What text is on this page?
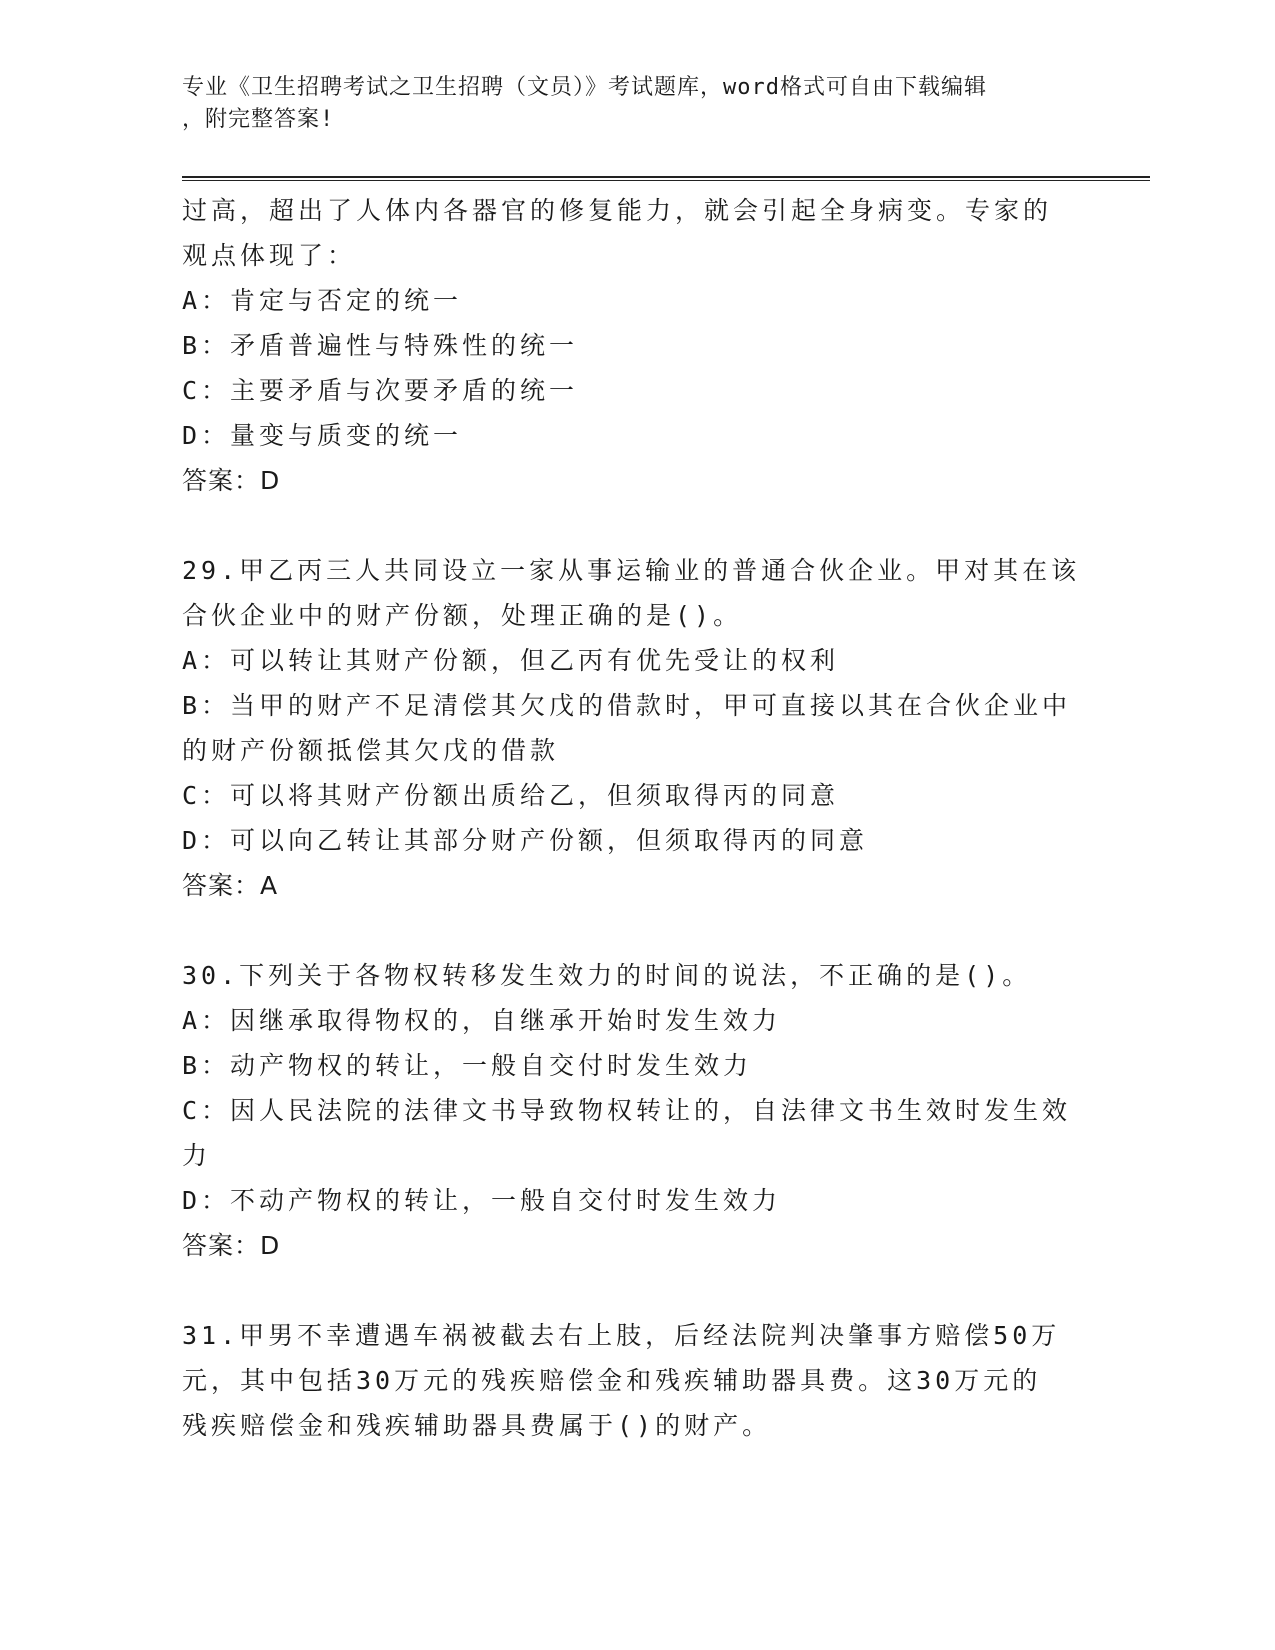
专业《卫生招聘考试之卫生招聘（文员）》考试题库，word格式可自由下载编辑

，附完整答案!

过高，超出了人体内各器官的修复能力，就会引起全身病变。专家的

观点体现了：

A：肯定与否定的统一

B：矛盾普遍性与特殊性的统一

C：主要矛盾与次要矛盾的统一

D：量变与质变的统一

答案：D

29.甲乙丙三人共同设立一家从事运输业的普通合伙企业。甲对其在该

合伙企业中的财产份额，处理正确的是()。

A：可以转让其财产份额，但乙丙有优先受让的权利

B：当甲的财产不足清偿其欠戊的借款时，甲可直接以其在合伙企业中

的财产份额抵偿其欠戊的借款

C：可以将其财产份额出质给乙，但须取得丙的同意

D：可以向乙转让其部分财产份额，但须取得丙的同意

答案：A

30.下列关于各物权转移发生效力的时间的说法，不正确的是()。

A：因继承取得物权的，自继承开始时发生效力

B：动产物权的转让，一般自交付时发生效力

C：因人民法院的法律文书导致物权转让的，自法律文书生效时发生效

力

D：不动产物权的转让，一般自交付时发生效力

答案：D

31.甲男不幸遭遇车祸被截去右上肢，后经法院判决肇事方赔偿50万

元，其中包括30万元的残疾赔偿金和残疾辅助器具费。这30万元的

残疾赔偿金和残疾辅助器具费属于()的财产。
